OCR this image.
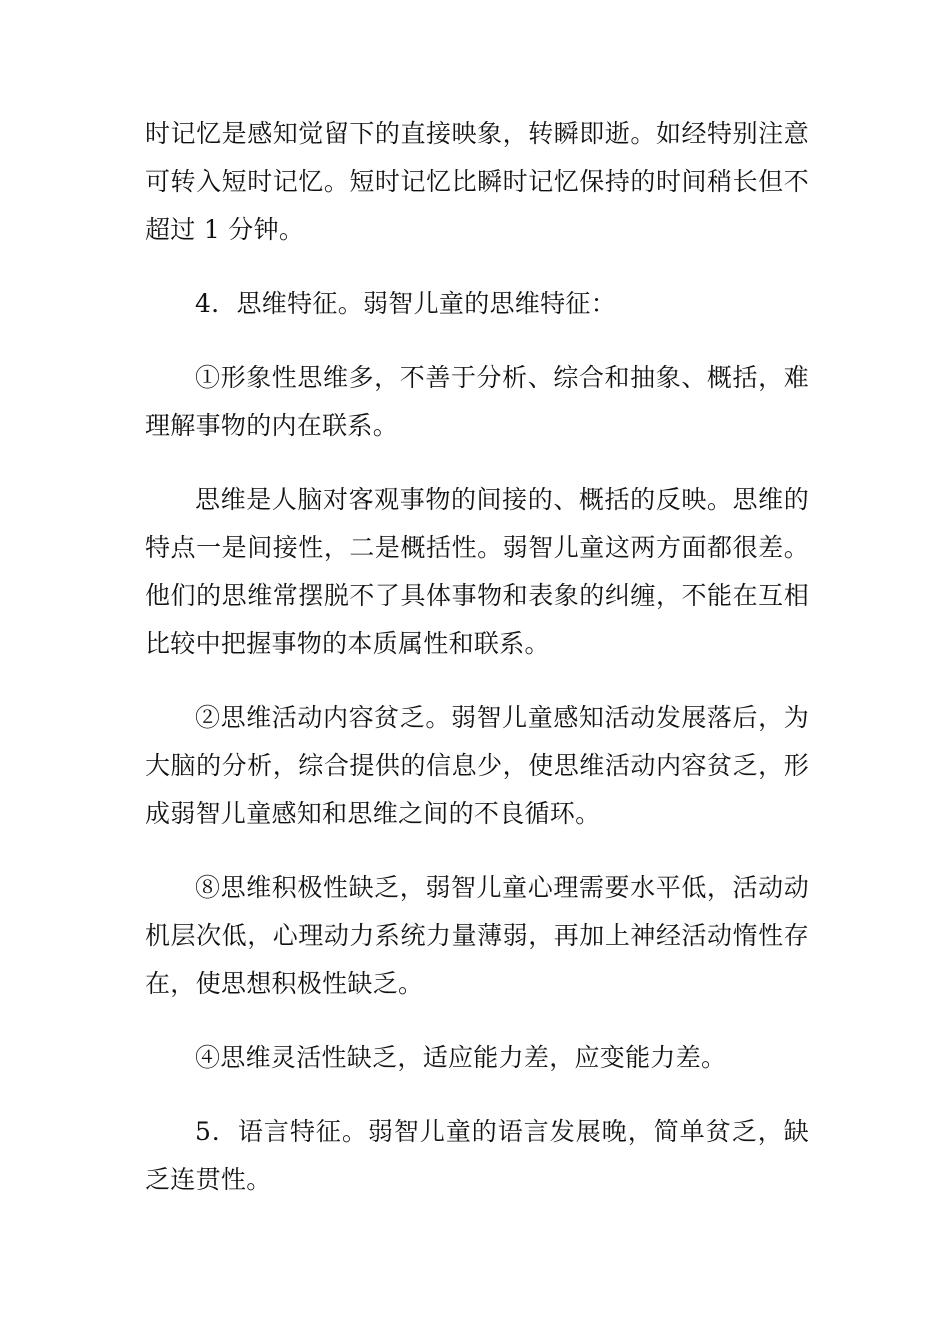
时记忆是感知觉留下的直接映象，转瞬即逝。如经特别注意可转入短时记忆。短时记忆比瞬时记忆保持的时间稍长但不超过 1 分钟。

4．思维特征。弱智儿童的思维特征：

①形象性思维多，不善于分析、综合和抽象、概括，难理解事物的内在联系。

思维是人脑对客观事物的间接的、概括的反映。思维的特点一是间接性，二是概括性。弱智儿童这两方面都很差。他们的思维常摆脱不了具体事物和表象的纠缠，不能在互相比较中把握事物的本质属性和联系。

②思维活动内容贫乏。弱智儿童感知活动发展落后，为大脑的分析，综合提供的信息少，使思维活动内容贫乏，形成弱智儿童感知和思维之间的不良循环。

⑧思维积极性缺乏，弱智儿童心理需要水平低，活动动机层次低，心理动力系统力量薄弱，再加上神经活动惰性存在，使思想积极性缺乏。

④思维灵活性缺乏，适应能力差，应变能力差。

5．语言特征。弱智儿童的语言发展晚，简单贫乏，缺乏连贯性。
